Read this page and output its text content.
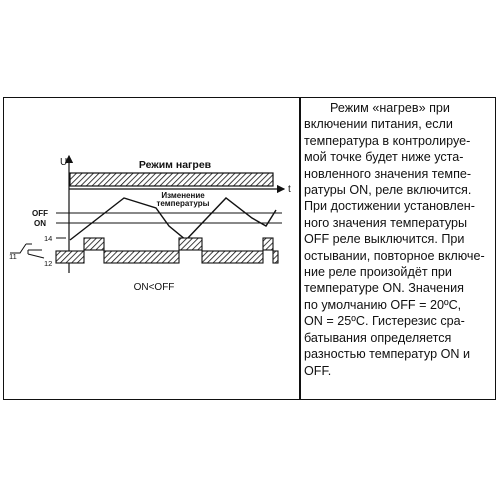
U	Режим нагрев
t
Изменение
температуры
OFF
ON
11
14
12
ON<OFF

Режим «нагрев» при
включении питания, если
температура в контролируе-
мой точке будет ниже уста-
новленного значения темпе-
ратуры ON, реле включится.
При достижении установлен-
ного значения температуры
OFF реле выключится. При
остывании, повторное включе-
ние реле произойдёт при
температуре ON. Значения
по умолчанию OFF = 20ºC,
ON = 25ºC. Гистерезис сра-
батывания определяется
разностью температур ON и
OFF.
